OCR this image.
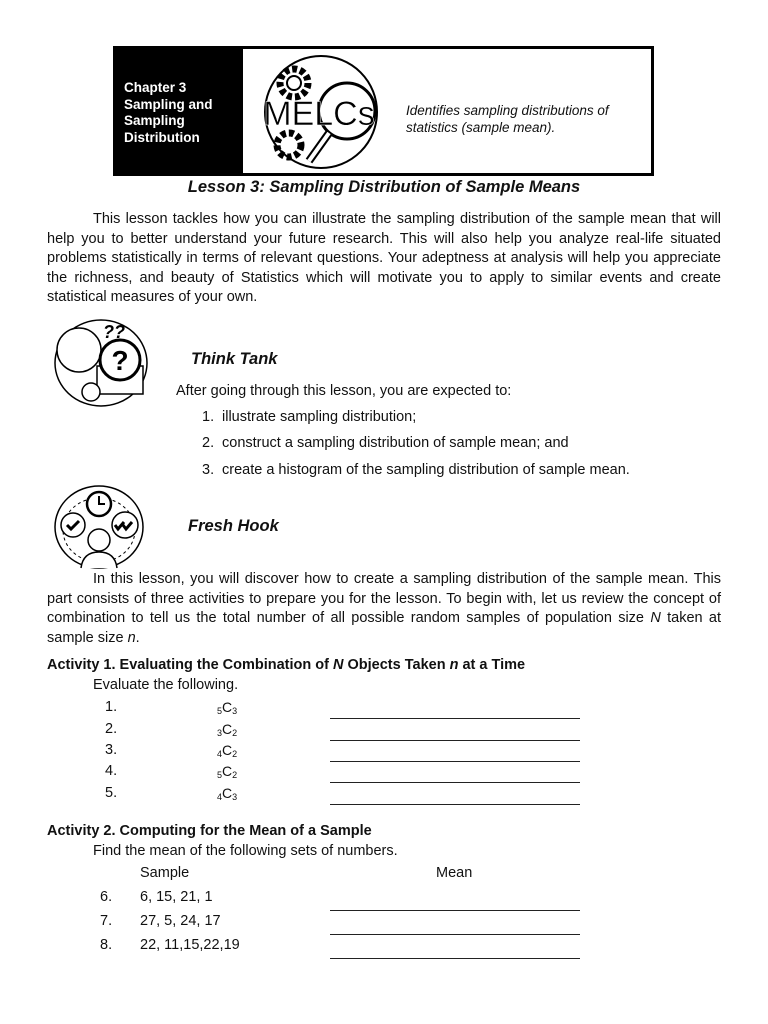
Chapter 3
Sampling and
Sampling
Distribution
MELCs Identifies sampling distributions of
statistics (sample mean).
Lesson 3: Sampling Distribution of Sample Means

This lesson tackles how you can illustrate the sampling distribution of the sample mean that will help you to better understand your future research. This will also help you analyze real-life situated problems statistically in terms of relevant questions. Your adeptness at analysis will help you appreciate the richness, and beauty of Statistics which will motivate you to apply to similar events and create statistical measures of your own.

?
??
Think Tank
After going through this lesson, you are expected to:
1. illustrate sampling distribution;
2. construct a sampling distribution of sample mean; and
3. create a histogram of the sampling distribution of sample mean.
Fresh Hook

In this lesson, you will discover how to create a sampling distribution of the sample mean. This part consists of three activities to prepare you for the lesson. To begin with, let us review the concept of combination to tell us the total number of all possible random samples of population size N taken at sample size n.

Activity 1. Evaluating the Combination of N Objects Taken n at a Time
Evaluate the following.
1.	5C3
2.	3C2
3.	4C2
4.	5C2
5.	4C3
Activity 2. Computing for the Mean of a Sample
Find the mean of the following sets of numbers.
Sample	Mean
6. 6, 15, 21, 1
7. 27, 5, 24, 17
8. 22, 11,15,22,19
